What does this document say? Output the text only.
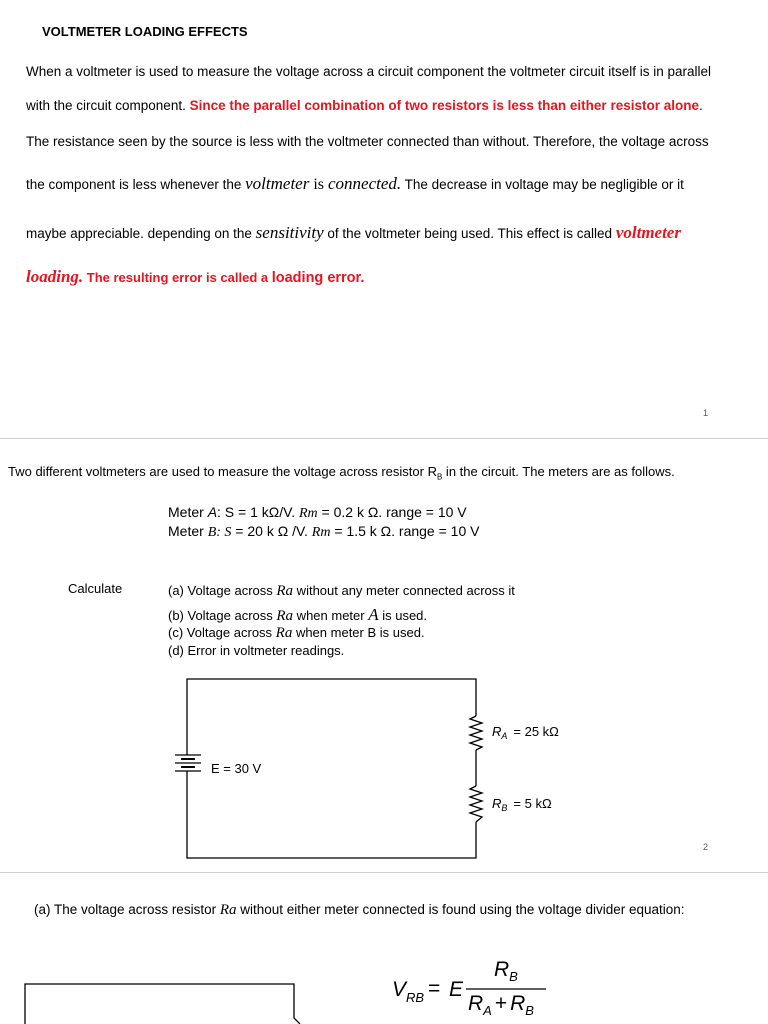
VOLTMETER LOADING EFFECTS
When a voltmeter is used to measure the voltage across a circuit component the voltmeter circuit itself is in parallel
with the circuit component. Since the parallel combination of two resistors is less than either resistor alone.
The resistance seen by the source is less with the voltmeter connected than without. Therefore, the voltage across
the component is less whenever the voltmeter is connected. The decrease in voltage may be negligible or it
maybe appreciable. depending on the sensitivity of the voltmeter being used. This effect is called voltmeter
loading. The resulting error is called a loading error.
1
Two different voltmeters are used to measure the voltage across resistor $R_B$ in the circuit. The meters are as follows.
Meter A: S = 1 kΩ/V. Rm = 0.2 k Ω. range = 10 V
Meter B: S = 20 k Ω /V. Rm = 1.5 k Ω. range = 10 V
Calculate	(a) Voltage across Ra without any meter connected across it
(b) Voltage across Ra when meter A is used.
(c) Voltage across Ra when meter B is used.
(d) Error in voltmeter readings.
E = 30 V
$R_A = 25$ kΩ
$R_B = 5$ kΩ
2
(a) The voltage across resistor Ra without either meter connected is found using the voltage divider equation:
$V_{RB} = E$
$R_B$
$R_A + R_B$
